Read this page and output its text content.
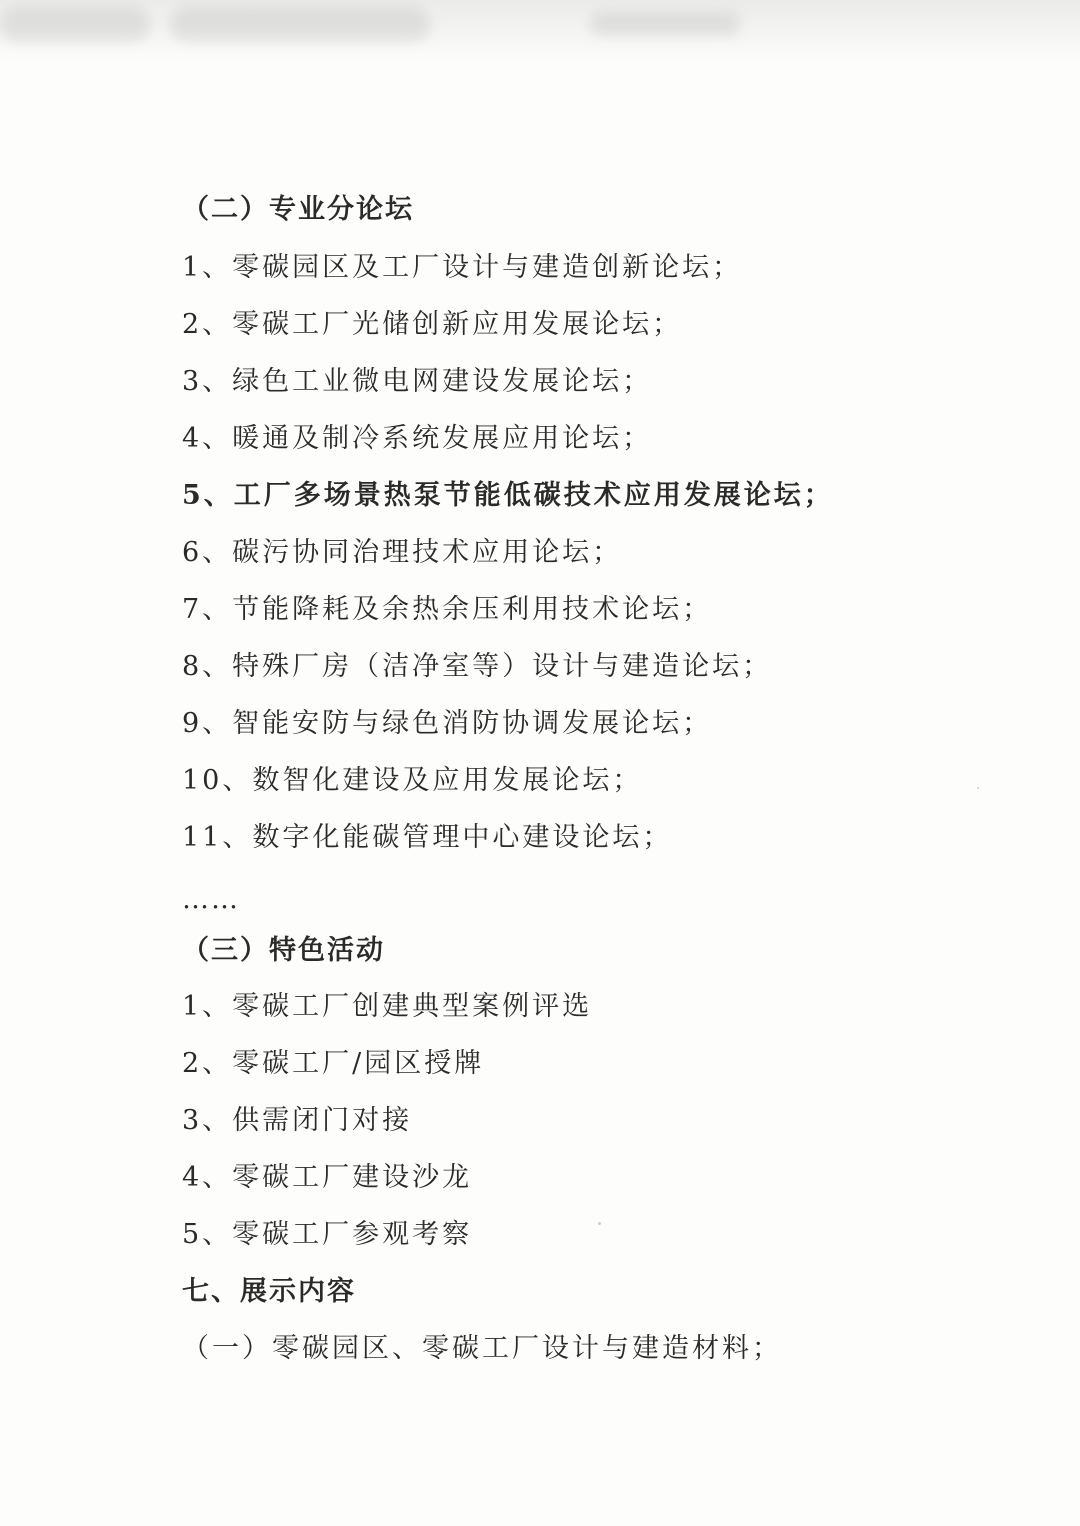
（二）专业分论坛
1、零碳园区及工厂设计与建造创新论坛；
2、零碳工厂光储创新应用发展论坛；
3、绿色工业微电网建设发展论坛；
4、暖通及制冷系统发展应用论坛；
5、工厂多场景热泵节能低碳技术应用发展论坛；
6、碳污协同治理技术应用论坛；
7、节能降耗及余热余压利用技术论坛；
8、特殊厂房（洁净室等）设计与建造论坛；
9、智能安防与绿色消防协调发展论坛；
10、数智化建设及应用发展论坛；
11、数字化能碳管理中心建设论坛；
……
（三）特色活动
1、零碳工厂创建典型案例评选
2、零碳工厂/园区授牌
3、供需闭门对接
4、零碳工厂建设沙龙
5、零碳工厂参观考察
七、展示内容
（一）零碳园区、零碳工厂设计与建造材料；
